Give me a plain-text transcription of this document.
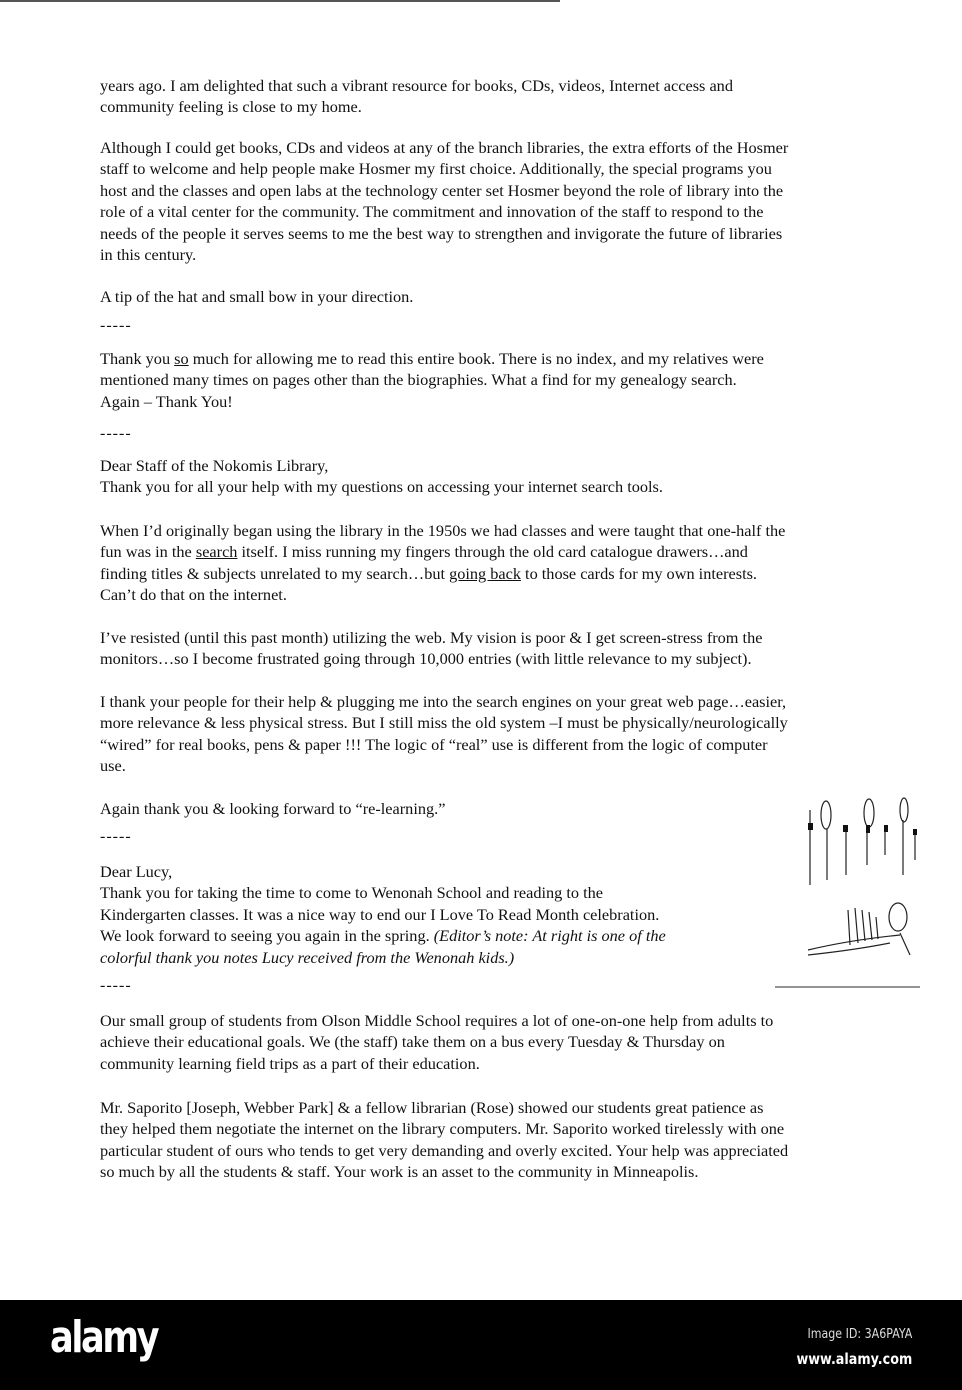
years ago. I am delighted that such a vibrant resource for books, CDs, videos, Internet access and
community feeling is close to my home.
Although I could get books, CDs and videos at any of the branch libraries, the extra efforts of the Hosmer
staff to welcome and help people make Hosmer my first choice. Additionally, the special programs you
host and the classes and open labs at the technology center set Hosmer beyond the role of library into the
role of a vital center for the community. The commitment and innovation of the staff to respond to the
needs of the people it serves seems to me the best way to strengthen and invigorate the future of libraries
in this century.
A tip of the hat and small bow in your direction.
Thank you so much for allowing me to read this entire book. There is no index, and my relatives were
mentioned many times on pages other than the biographies. What a find for my genealogy search.
Again – Thank You!
Dear Staff of the Nokomis Library,
Thank you for all your help with my questions on accessing your internet search tools.
When I’d originally began using the library in the 1950s we had classes and were taught that one-half the
fun was in the search itself. I miss running my fingers through the old card catalogue drawers…and
finding titles & subjects unrelated to my search…but going back to those cards for my own interests.
Can’t do that on the internet.
I’ve resisted (until this past month) utilizing the web. My vision is poor & I get screen-stress from the
monitors…so I become frustrated going through 10,000 entries (with little relevance to my subject).
I thank your people for their help & plugging me into the search engines on your great web page…easier,
more relevance & less physical stress. But I still miss the old system –I must be physically/neurologically
“wired” for real books, pens & paper !!! The logic of “real” use is different from the logic of computer
use.
Again thank you & looking forward to “re-learning.”
Dear Lucy,
Thank you for taking the time to come to Wenonah School and reading to the
Kindergarten classes. It was a nice way to end our I Love To Read Month celebration.
We look forward to seeing you again in the spring. (Editor’s note: At right is one of the
colorful thank you notes Lucy received from the Wenonah kids.)
Our small group of students from Olson Middle School requires a lot of one-on-one help from adults to
achieve their educational goals. We (the staff) take them on a bus every Tuesday & Thursday on
community learning field trips as a part of their education.
Mr. Saporito [Joseph, Webber Park] & a fellow librarian (Rose) showed our students great patience as
they helped them negotiate the internet on the library computers. Mr. Saporito worked tirelessly with one
particular student of ours who tends to get very demanding and overly excited. Your help was appreciated
so much by all the students & staff. Your work is an asset to the community in Minneapolis.
-----
-----
-----
-----
alamy	Image ID: 3A6PAYA
www.alamy.com
